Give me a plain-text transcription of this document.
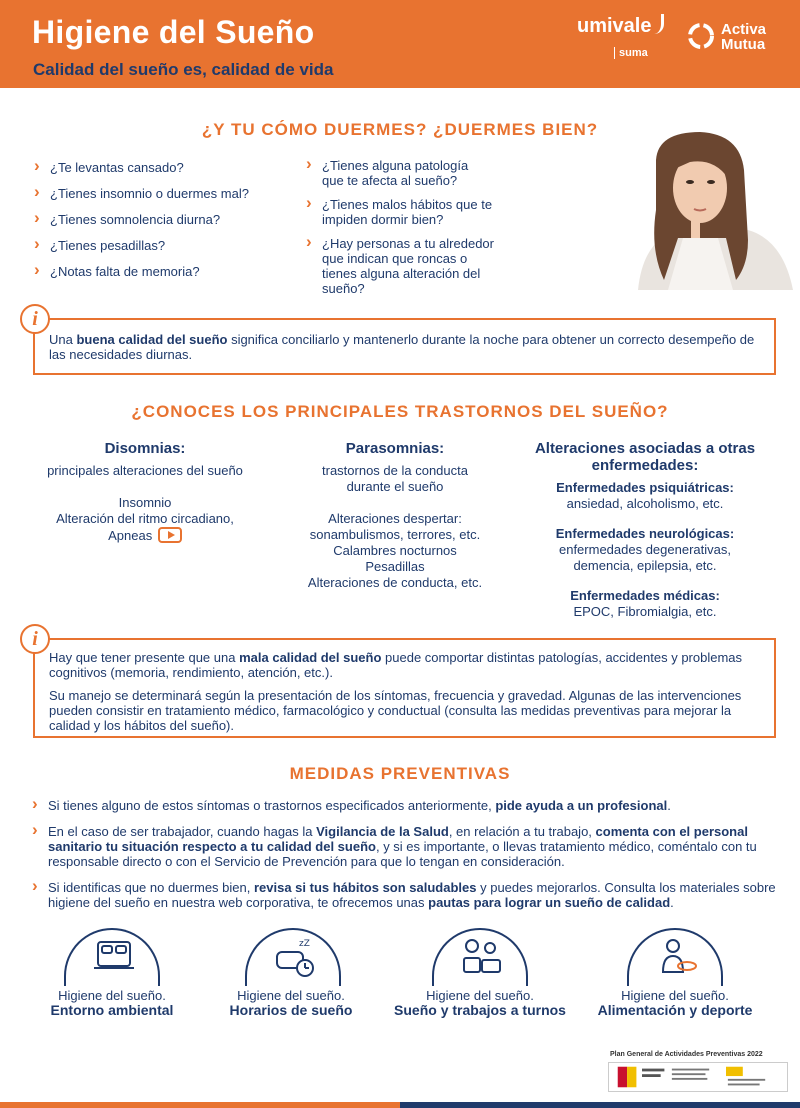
Higiene del Sueño
Calidad del sueño es, calidad de vida
umivale
suma
Activa
Mutua
¿Y TU CÓMO DUERMES? ¿DUERMES BIEN?
› ¿Te levantas cansado?
› ¿Tienes insomnio o duermes mal?
› ¿Tienes somnolencia diurna?
› ¿Tienes pesadillas?
› ¿Notas falta de memoria?
› ¿Tienes alguna patología
que te afecta al sueño?
› ¿Tienes malos hábitos que te
impiden dormir bien?
› ¿Hay personas a tu alrededor
que indican que roncas o
tienes alguna alteración del
sueño?
Una buena calidad del sueño significa conciliarlo y mantenerlo durante la noche para obtener un correcto desempeño de las necesidades diurnas.
i
¿CONOCES LOS PRINCIPALES TRASTORNOS DEL SUEÑO?
Disomnias:
principales alteraciones del sueño
Insomnio
Alteración del ritmo circadiano,
Apneas
Parasomnias:
trastornos de la conducta
durante el sueño
Alteraciones despertar:
sonambulismos, terrores, etc.
Calambres nocturnos
Pesadillas
Alteraciones de conducta, etc.
Alteraciones asociadas a otras
enfermedades:
Enfermedades psiquiátricas:
ansiedad, alcoholismo, etc.
Enfermedades neurológicas:
enfermedades degenerativas,
demencia, epilepsia, etc.
Enfermedades médicas:
EPOC, Fibromialgia, etc.

Hay que tener presente que una mala calidad del sueño puede comportar distintas patologías, accidentes y problemas cognitivos (memoria, rendimiento, atención, etc.).

Su manejo se determinará según la presentación de los síntomas, frecuencia y gravedad. Algunas de las intervenciones pueden consistir en tratamiento médico, farmacológico y conductual (consulta las medidas preventivas para mejorar la calidad y los hábitos del sueño).

i
MEDIDAS PREVENTIVAS
› Si tienes alguno de estos síntomas o trastornos especificados anteriormente, pide ayuda a un profesional.
› En el caso de ser trabajador, cuando hagas la Vigilancia de la Salud, en relación a tu trabajo, comenta con el personal sanitario tu situación respecto a tu calidad del sueño, y si es importante, o llevas tratamiento médico, coméntalo con tu responsable directo o con el Servicio de Prevención para que lo tengan en consideración.
› Si identificas que no duermes bien, revisa si tus hábitos son saludables y puedes mejorarlos. Consulta los materiales sobre higiene del sueño en nuestra web corporativa, te ofrecemos unas pautas para lograr un sueño de calidad.
Higiene del sueño.
Entorno ambiental
zZ
Higiene del sueño.
Horarios de sueño
Higiene del sueño.
Sueño y trabajos a turnos
Higiene del sueño.
Alimentación y deporte
Plan General de Actividades Preventivas 2022
